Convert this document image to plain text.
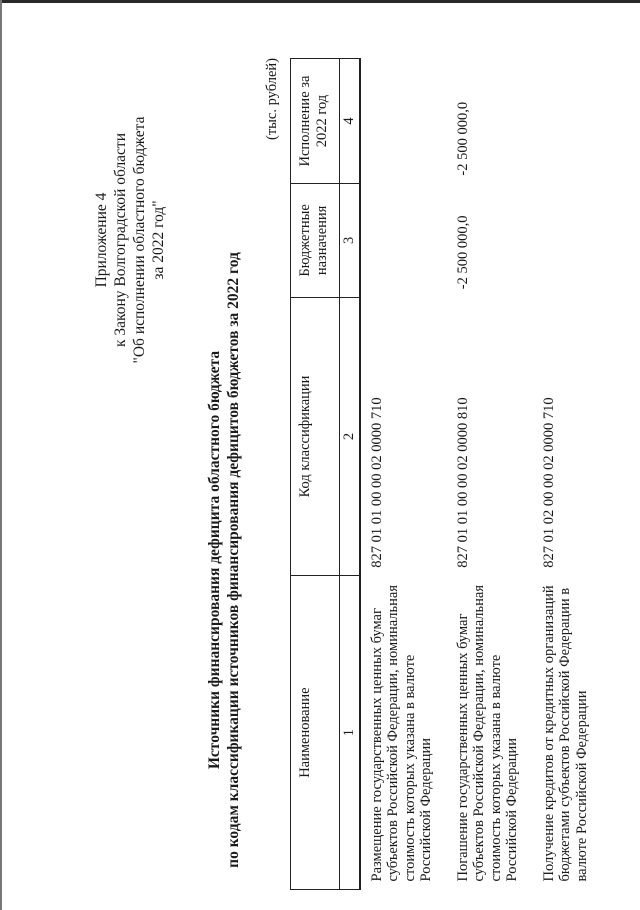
Приложение 4 к Закону Волгоградской области "Об исполнении областного бюджета за 2022 год"
Источники финансирования дефицита областного бюджета по кодам классификации источников финансирования дефицитов бюджетов за 2022 год
(тыс. рублей)
Наименование	Код классификации	Бюджетные назначения	Исполнение за 2022 год
1	2	3	4
Размещение государственных ценных бумаг субъектов Российской Федерации, номинальная стоимость которых указана в валюте Российской Федерации	827 01 01 00 00 02 0000 710		
Погашение государственных ценных бумаг субъектов Российской Федерации, номинальная стоимость которых указана в валюте Российской Федерации	827 01 01 00 00 02 0000 810	-2 500 000,0	-2 500 000,0
Получение кредитов от кредитных организаций бюджетами субъектов Российской Федерации в валюте Российской Федерации	827 01 02 00 00 02 0000 710		
